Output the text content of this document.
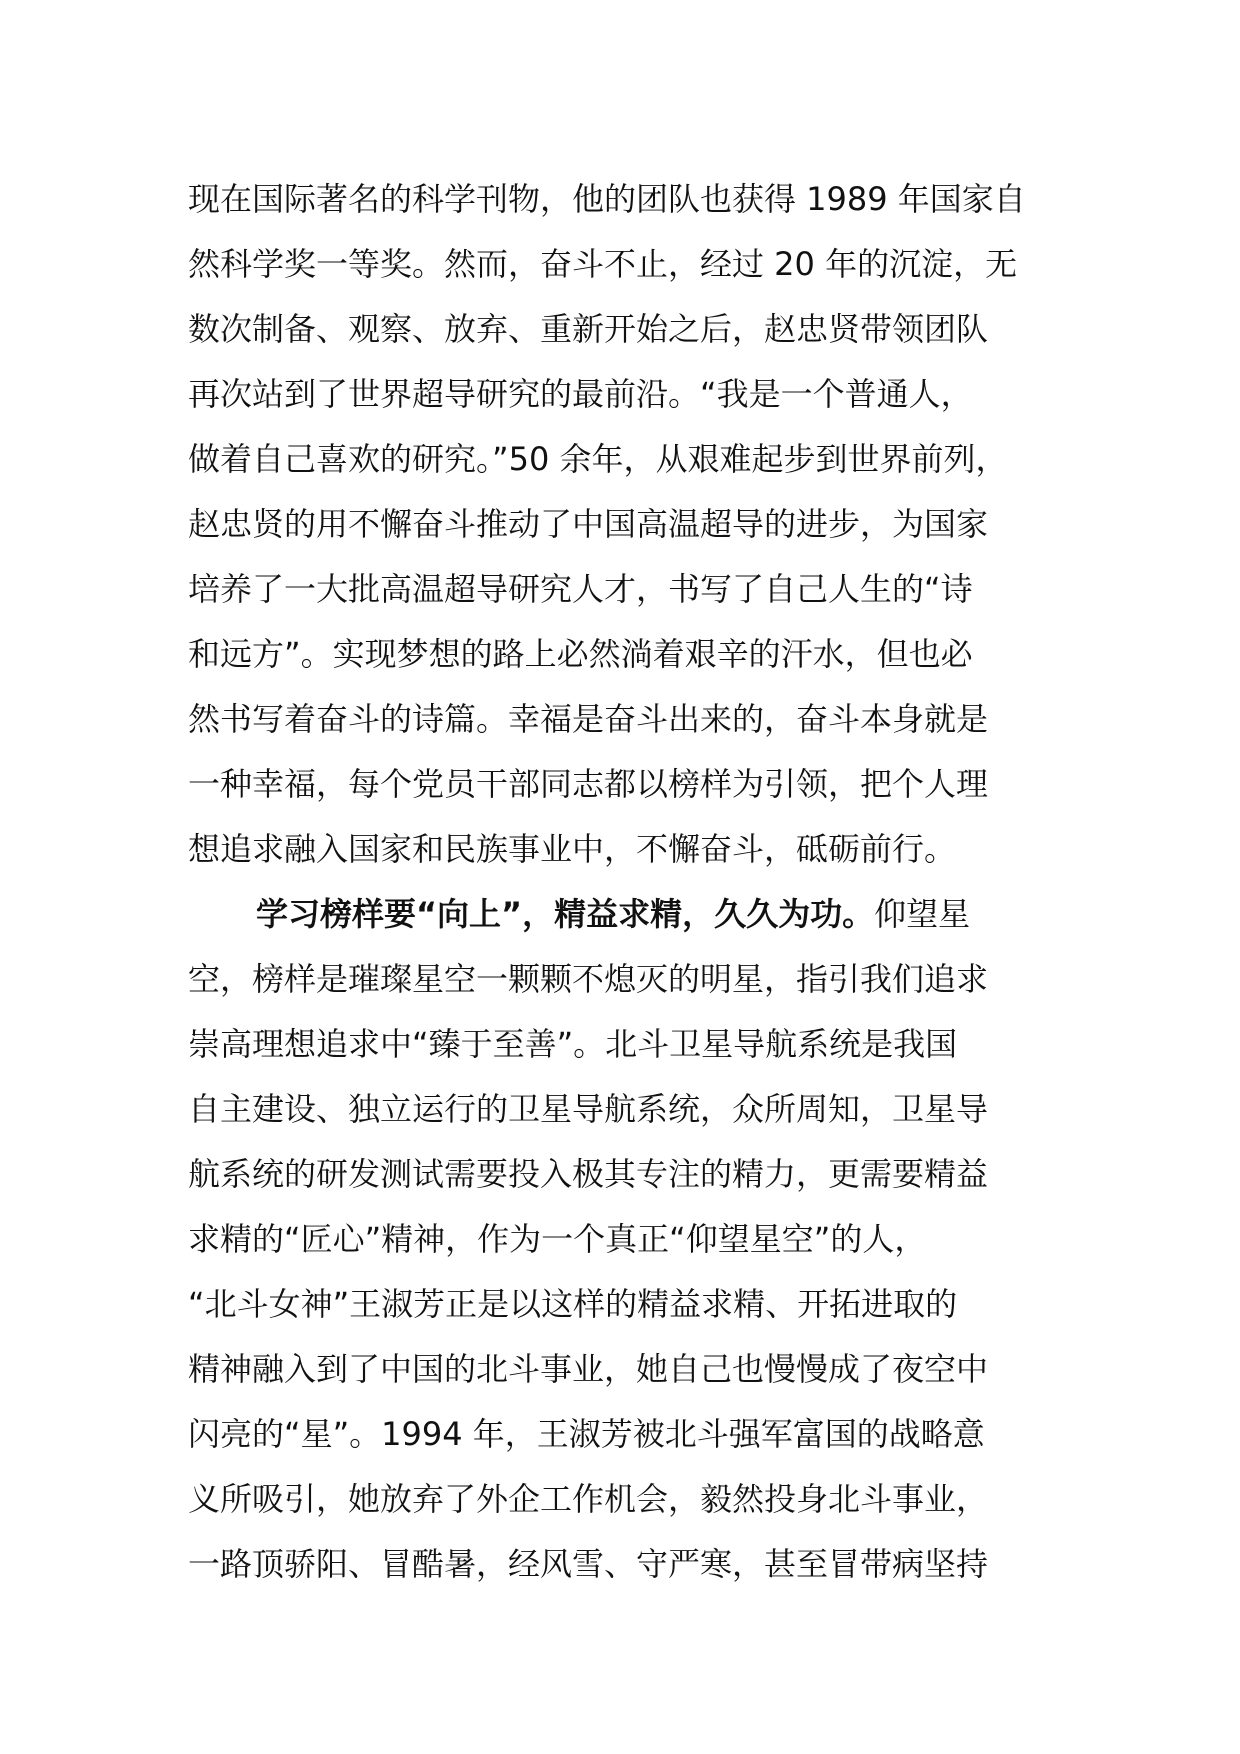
现在国际著名的科学刊物，他的团队也获得 1989 年国家自
然科学奖一等奖。然而，奋斗不止，经过 20 年的沉淀，无
数次制备、观察、放弃、重新开始之后，赵忠贤带领团队
再次站到了世界超导研究的最前沿。“我是一个普通人，
做着自己喜欢的研究。”50 余年，从艰难起步到世界前列，
赵忠贤的用不懈奋斗推动了中国高温超导的进步，为国家
培养了一大批高温超导研究人才，书写了自己人生的“诗
和远方”。实现梦想的路上必然淌着艰辛的汗水，但也必
然书写着奋斗的诗篇。幸福是奋斗出来的，奋斗本身就是
一种幸福，每个党员干部同志都以榜样为引领，把个人理
想追求融入国家和民族事业中，不懈奋斗，砥砺前行。
学习榜样要“向上”，精益求精，久久为功。仰望星
空，榜样是璀璨星空一颗颗不熄灭的明星，指引我们追求
崇高理想追求中“臻于至善”。北斗卫星导航系统是我国
自主建设、独立运行的卫星导航系统，众所周知，卫星导
航系统的研发测试需要投入极其专注的精力，更需要精益
求精的“匠心”精神，作为一个真正“仰望星空”的人，
“北斗女神”王淑芳正是以这样的精益求精、开拓进取的
精神融入到了中国的北斗事业，她自己也慢慢成了夜空中
闪亮的“星”。1994 年，王淑芳被北斗强军富国的战略意
义所吸引，她放弃了外企工作机会，毅然投身北斗事业，
一路顶骄阳、冒酷暑，经风雪、守严寒，甚至冒带病坚持
